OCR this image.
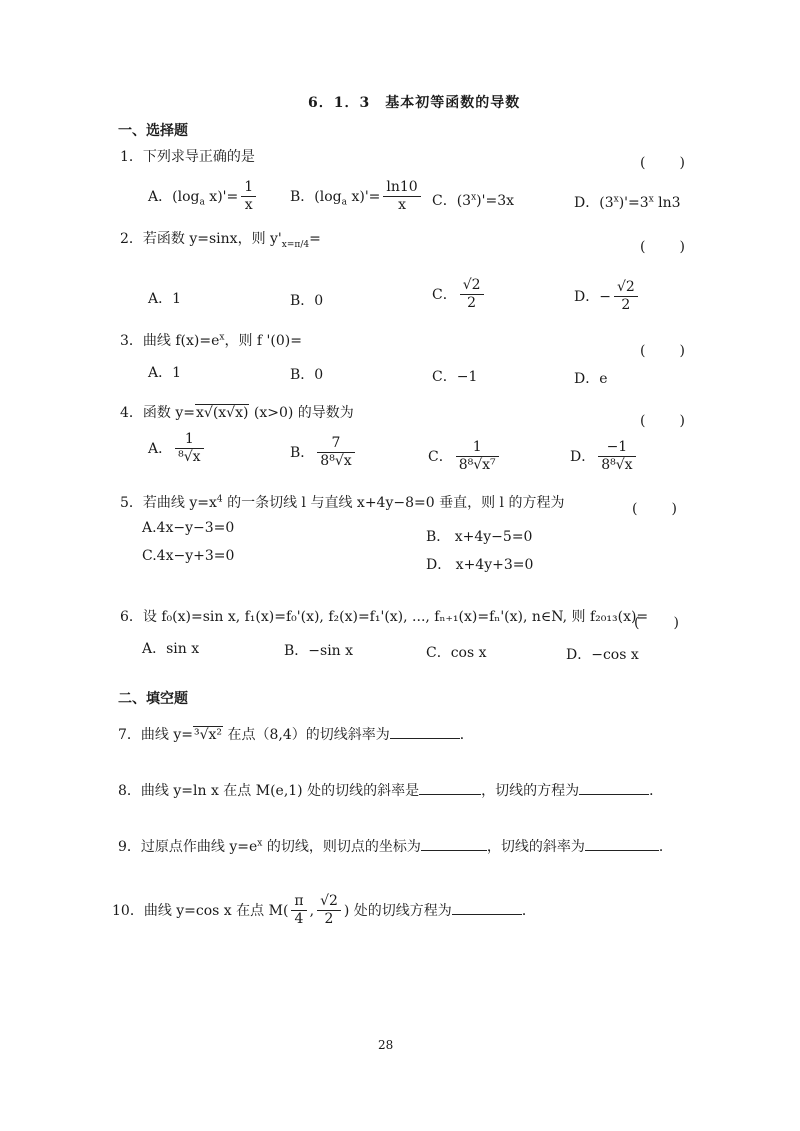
6．1．3　基本初等函数的导数
一、选择题
1．下列求导正确的是	(　　)
A．($\log_a$ $x)'= \frac{1}{x}$ B．($\log_a$ $x)'= \frac{\ln 10}{x}$ C．$(3^x)'=3x$	D．$(3^x)'=3^x$ ln3
2．若函数 y=sinx，则 $y'_{x=\pi/4}=$	(　　)
A．1	B．0	C． $\frac{√2}{2}$	D．− $\frac{√2}{2}$
3．曲线 $f(x)=e^x$，则 f '(0)=
(　　)
A．1	B．0	C．−1	D．e
4．函数 y=x√(x√x) (x>0) 的导数为	(　　)
A． $\frac{1}{\text{⁸√x}}$	B． $\frac{7}{\text{8⁸√x}}$	C． $\frac{1}{\text{8⁸√x⁷}}$	D． $\frac{-1}{\text{8⁸√x}}$
5．若曲线 $y=x^4$ 的一条切线 l 与直线 x+4y−8=0 垂直，则 l 的方程为	(　　)
A.4x−y−3=0
B． x+4y−5=0
C.4x−y+3=0
D． x+4y+3=0
6．设 f₀(x)=sin x, f₁(x)=f₀'(x), f₂(x)=f₁'(x), ..., fₙ₊₁(x)=fₙ'(x), n∈N, 则 f₂₀₁₃(x)=
(　　)
A．sin x	B．−sin x	C．cos x	D．−cos x
二、填空题
7．曲线 y=³√x² 在点（8,4）的切线斜率为	．
8．曲线 y=ln x 在点 M(e,1) 处的切线的斜率是	，切线的方程为	．
9．过原点作曲线 $y=e^x$ 的切线，则切点的坐标为	，切线的斜率为	．
10．曲线 y=cos x 在点 $M( \frac{\pi}{4}$ , $\frac{√2}{2}$ ) 处的切线方程为	．
28
